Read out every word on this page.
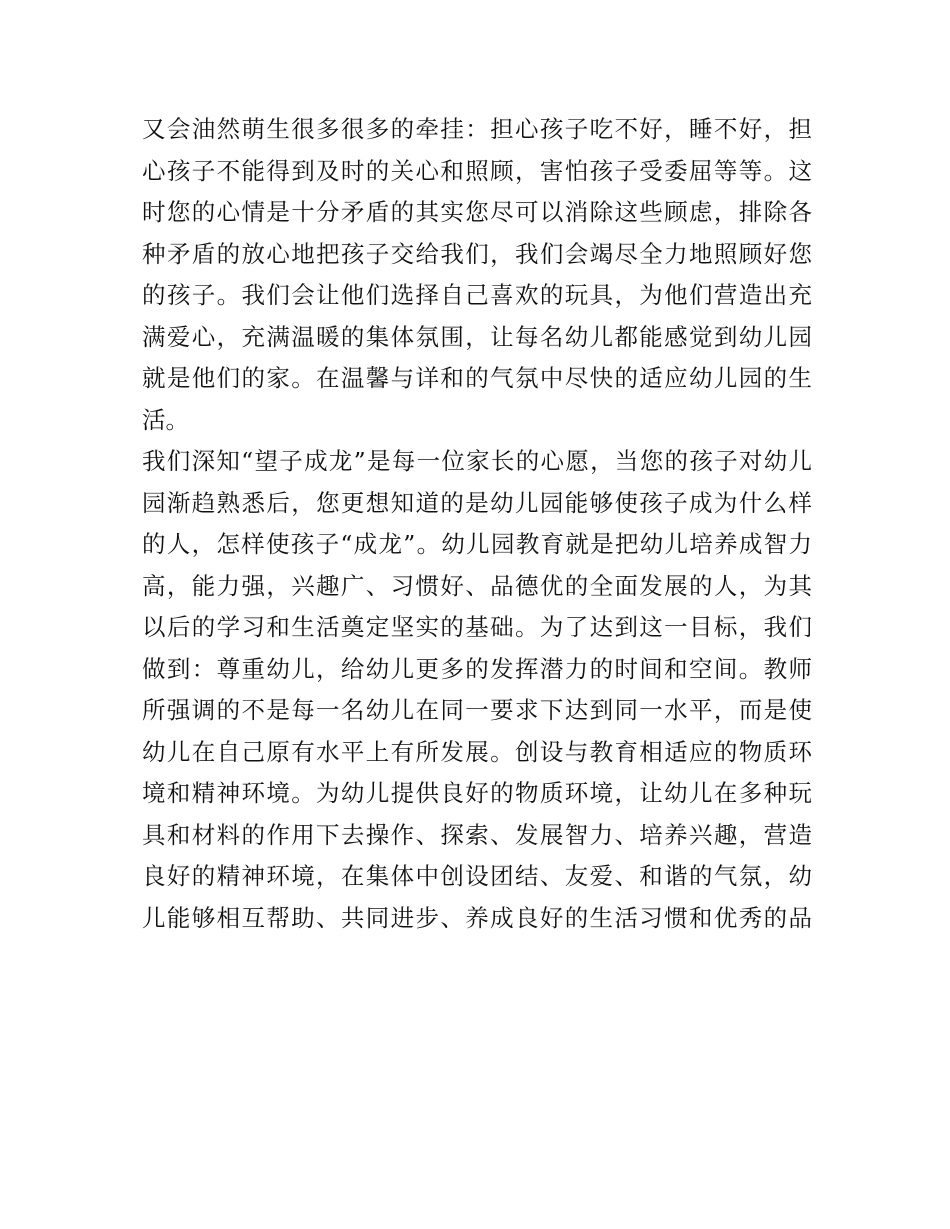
又会油然萌生很多很多的牵挂：担心孩子吃不好，睡不好，担
心孩子不能得到及时的关心和照顾，害怕孩子受委屈等等。这
时您的心情是十分矛盾的其实您尽可以消除这些顾虑，排除各
种矛盾的放心地把孩子交给我们，我们会竭尽全力地照顾好您
的孩子。我们会让他们选择自己喜欢的玩具，为他们营造出充
满爱心，充满温暖的集体氛围，让每名幼儿都能感觉到幼儿园
就是他们的家。在温馨与详和的气氛中尽快的适应幼儿园的生
活。
我们深知“望子成龙”是每一位家长的心愿，当您的孩子对幼儿
园渐趋熟悉后，您更想知道的是幼儿园能够使孩子成为什么样
的人，怎样使孩子“成龙”。幼儿园教育就是把幼儿培养成智力
高，能力强，兴趣广、习惯好、品德优的全面发展的人，为其
以后的学习和生活奠定坚实的基础。为了达到这一目标，我们
做到：尊重幼儿，给幼儿更多的发挥潜力的时间和空间。教师
所强调的不是每一名幼儿在同一要求下达到同一水平，而是使
幼儿在自己原有水平上有所发展。创设与教育相适应的物质环
境和精神环境。为幼儿提供良好的物质环境，让幼儿在多种玩
具和材料的作用下去操作、探索、发展智力、培养兴趣，营造
良好的精神环境，在集体中创设团结、友爱、和谐的气氛，幼
儿能够相互帮助、共同进步、养成良好的生活习惯和优秀的品
